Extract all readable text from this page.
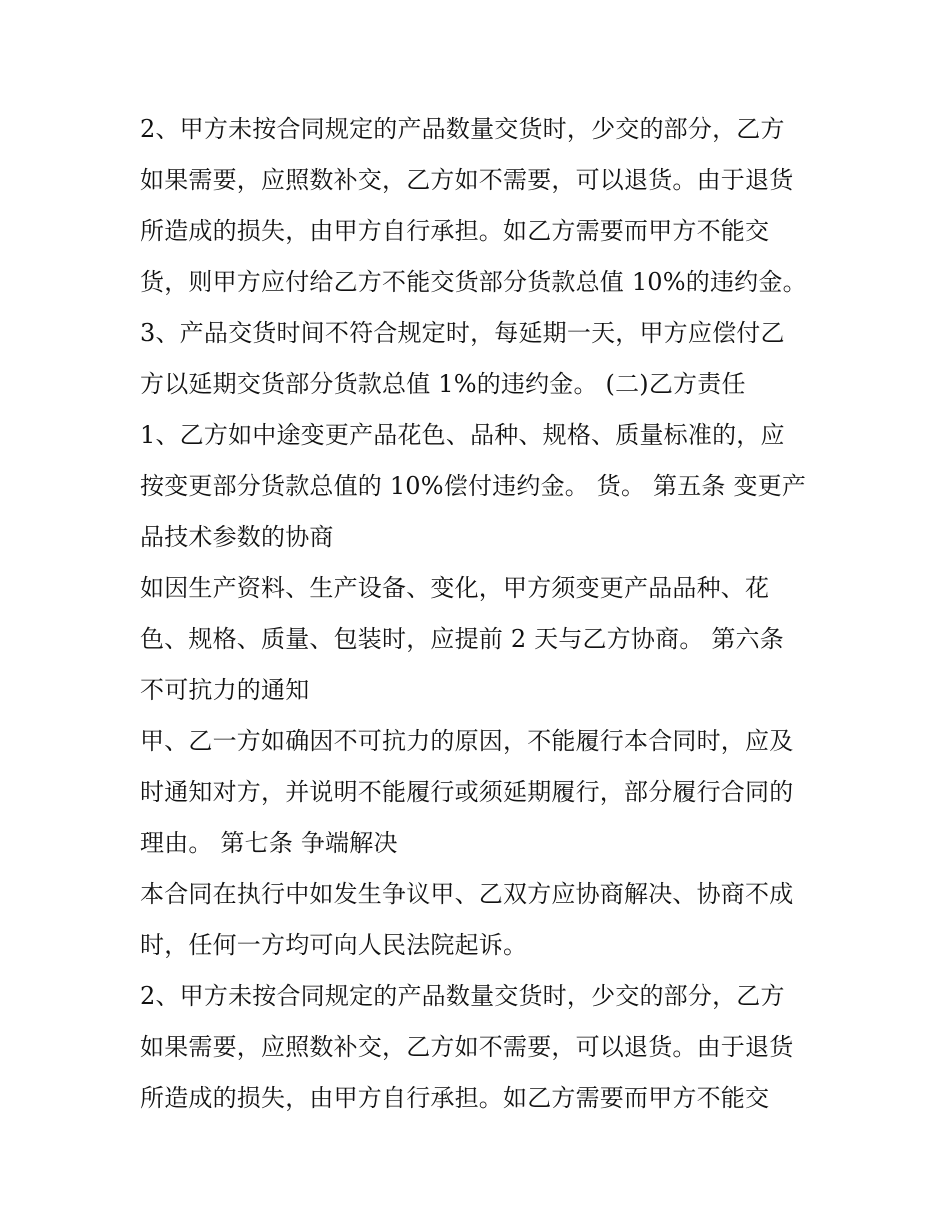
2、甲方未按合同规定的产品数量交货时，少交的部分，乙方
如果需要，应照数补交，乙方如不需要，可以退货。由于退货
所造成的损失，由甲方自行承担。如乙方需要而甲方不能交
货，则甲方应付给乙方不能交货部分货款总值 10%的违约金。
3、产品交货时间不符合规定时，每延期一天，甲方应偿付乙
方以延期交货部分货款总值 1%的违约金。 (二)乙方责任
1、乙方如中途变更产品花色、品种、规格、质量标准的，应
按变更部分货款总值的 10%偿付违约金。 货。 第五条 变更产
品技术参数的协商
如因生产资料、生产设备、变化，甲方须变更产品品种、花
色、规格、质量、包装时，应提前 2 天与乙方协商。 第六条
不可抗力的通知
甲、乙一方如确因不可抗力的原因，不能履行本合同时，应及
时通知对方，并说明不能履行或须延期履行，部分履行合同的
理由。 第七条 争端解决
本合同在执行中如发生争议甲、乙双方应协商解决、协商不成
时，任何一方均可向人民法院起诉。
2、甲方未按合同规定的产品数量交货时，少交的部分，乙方
如果需要，应照数补交，乙方如不需要，可以退货。由于退货
所造成的损失，由甲方自行承担。如乙方需要而甲方不能交
